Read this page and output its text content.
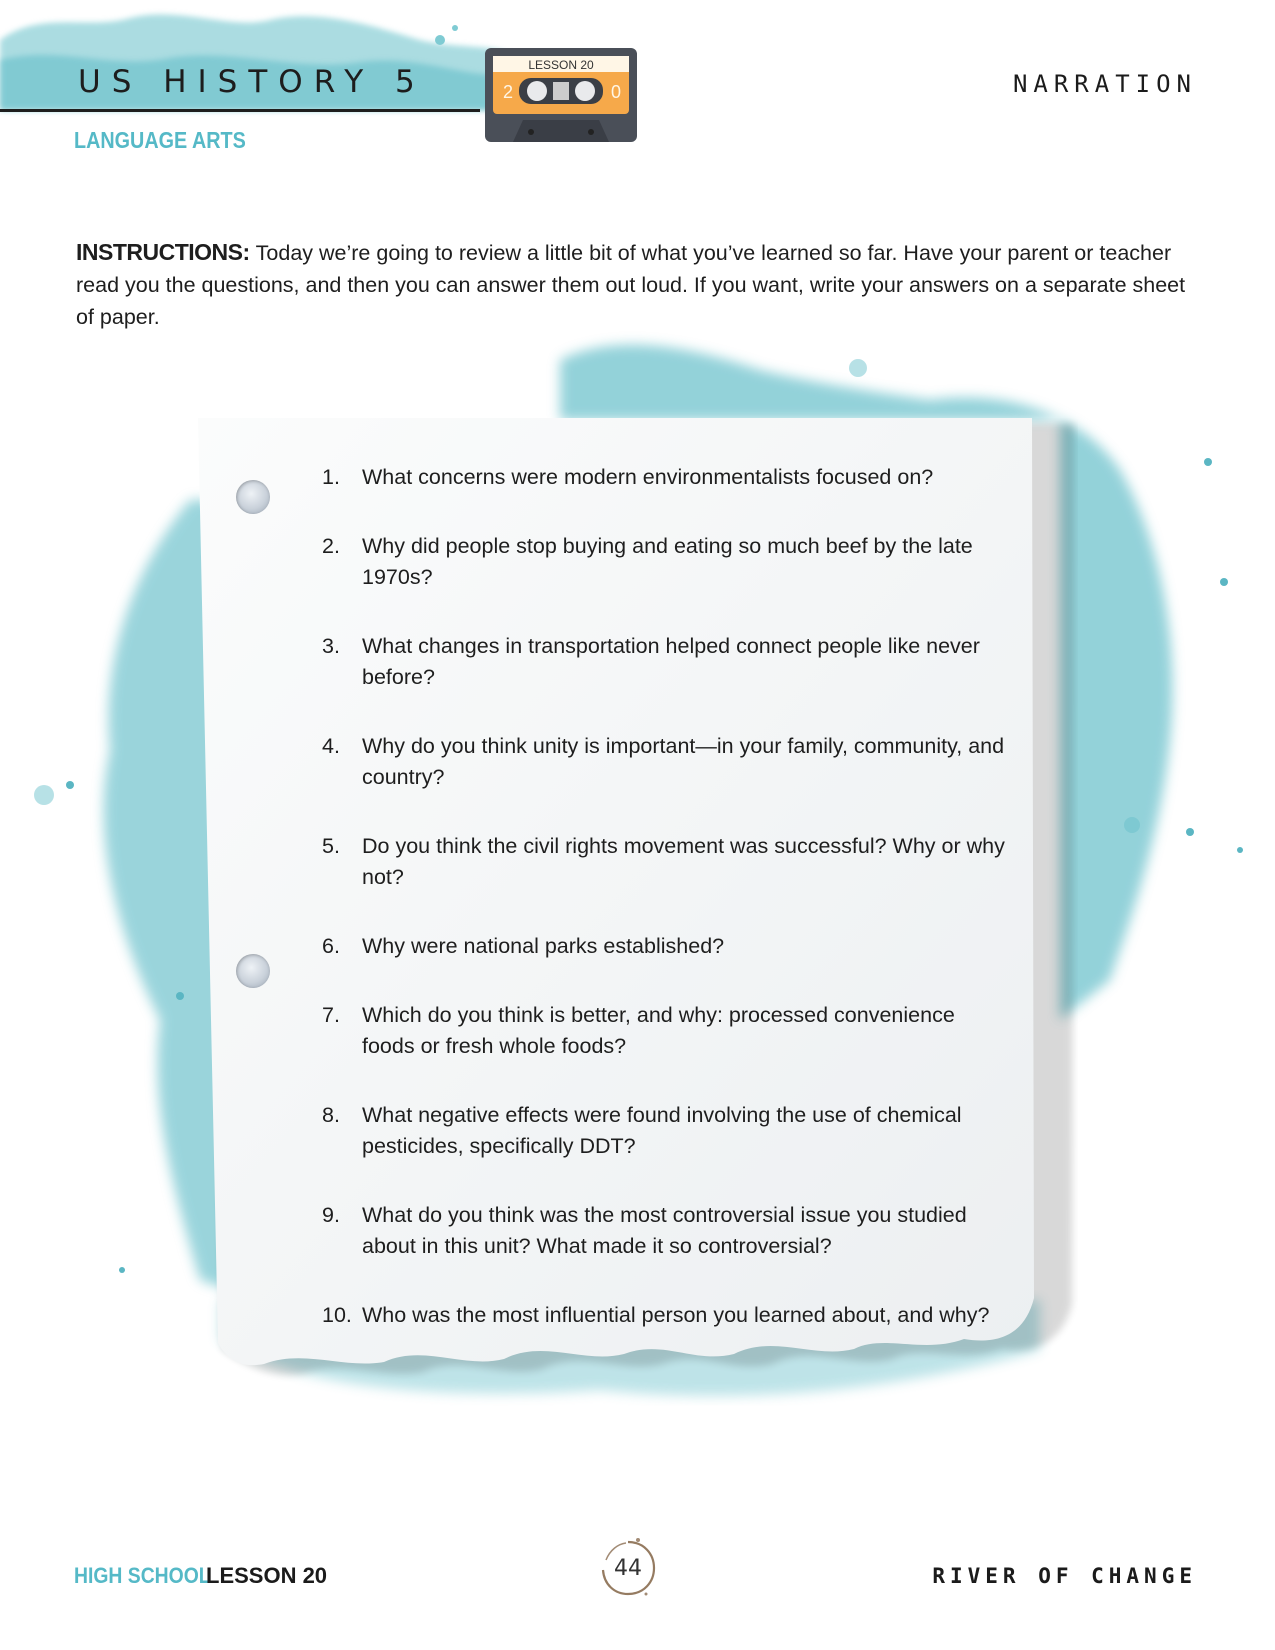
US HISTORY 5
LANGUAGE ARTS
LESSON 20
2	0	NARRATION
INSTRUCTIONS: Today we’re going to review a little bit of what you’ve learned so far. Have your parent or teacher read you the questions, and then you can answer them out loud. If you want, write your answers on a separate sheet of paper.
1. What concerns were modern environmentalists focused on?
2. Why did people stop buying and eating so much beef by the late 1970s?
3. What changes in transportation helped connect people like never before?
4. Why do you think unity is important—in your family, community, and country?
5. Do you think the civil rights movement was successful? Why or why not?
6. Why were national parks established?
7. Which do you think is better, and why: processed convenience foods or fresh whole foods?
8. What negative effects were found involving the use of chemical pesticides, specifically DDT?
9. What do you think was the most controversial issue you studied about in this unit? What made it so controversial?
10. Who was the most influential person you learned about, and why?
HIGH SCHOOL
LESSON 20	44	RIVER OF CHANGE
